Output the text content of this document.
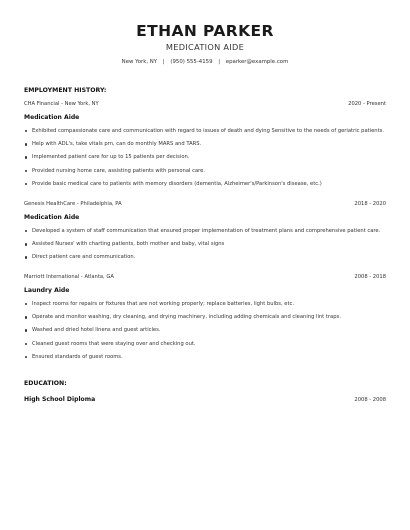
ETHAN PARKER
MEDICATION AIDE
New York, NY | (950) 555-4159 | eparker@example.com
EMPLOYMENT HISTORY:
CHA Financial - New York, NY	2020 - Present
Medication Aide
Exhibited compassionate care and communication with regard to issues of death and dying Sensitive to the needs of geriatric patients.
Help with ADL's, take vitals prn, can do monthly MARS and TARS.
Implemented patient care for up to 15 patients per decision.
Provided nursing home care, assisting patients with personal care.
Provide basic medical care to patients with memory disorders (dementia, Alzheimer's/Parkinson's disease, etc.)
Genesis HealthCare - Philadelphia, PA	2018 - 2020
Medication Aide
Developed a system of staff communication that ensured proper implementation of treatment plans and comprehensive patient care.
Assisted Nurses' with charting patients, both mother and baby, vital signs
Direct patient care and communication.
Marriott International - Atlanta, GA	2008 - 2018
Laundry Aide
Inspect rooms for repairs or fixtures that are not working properly; replace batteries, light bulbs, etc.
Operate and monitor washing, dry cleaning, and drying machinery, including adding chemicals and cleaning lint traps.
Washed and dried hotel linens and guest articles.
Cleaned guest rooms that were staying over and checking out.
Ensured standards of guest rooms.
EDUCATION:
High School Diploma	2008 - 2008
